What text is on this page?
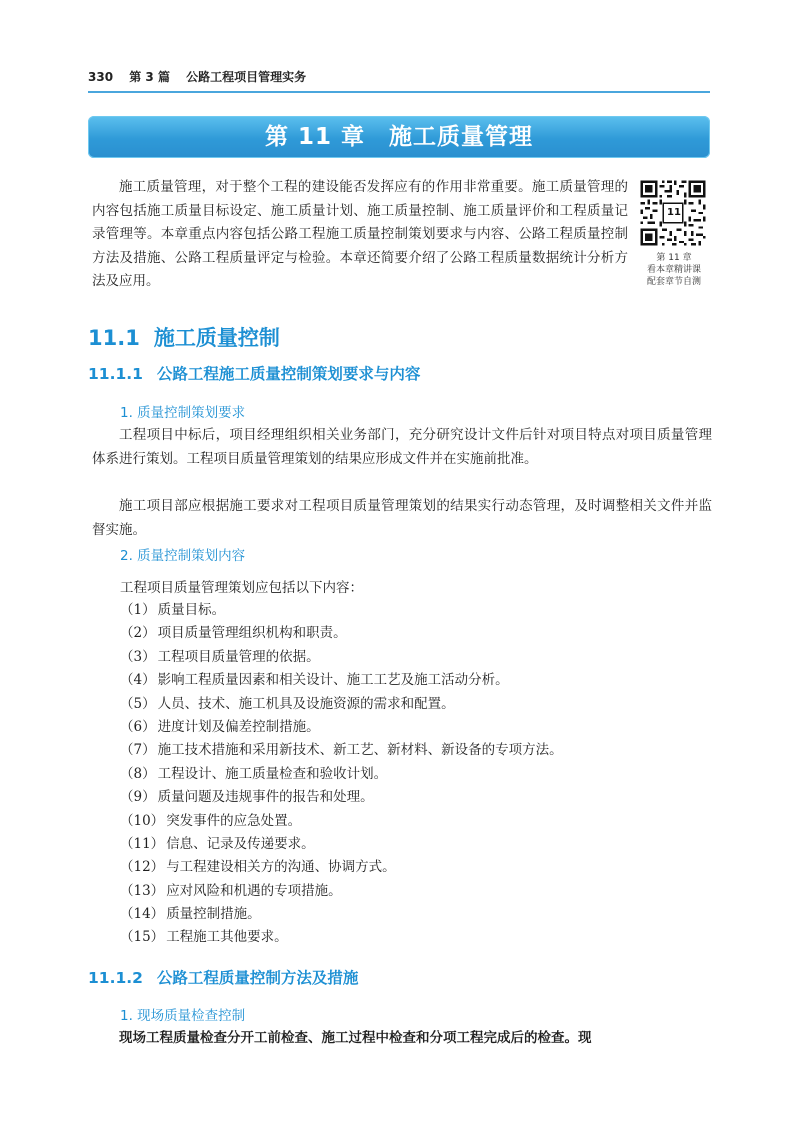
330 第 3 篇 公路工程项目管理实务
第 11 章　施工质量管理
施工质量管理，对于整个工程的建设能否发挥应有的作用非常重要。施工质量管理的内容包括施工质量目标设定、施工质量计划、施工质量控制、施工质量评价和工程质量记录管理等。本章重点内容包括公路工程施工质量控制策划要求与内容、公路工程质量控制方法及措施、公路工程质量评定与检验。本章还简要介绍了公路工程质量数据统计分析方法及应用。
第 11 章
看本章精讲课
配套章节自测
11
11.1 施工质量控制
11.1.1 公路工程施工质量控制策划要求与内容
1. 质量控制策划要求
工程项目中标后，项目经理组织相关业务部门，充分研究设计文件后针对项目特点对项目质量管理体系进行策划。工程项目质量管理策划的结果应形成文件并在实施前批准。
施工项目部应根据施工要求对工程项目质量管理策划的结果实行动态管理，及时调整相关文件并监督实施。
2. 质量控制策划内容
工程项目质量管理策划应包括以下内容：
（1） 质量目标。
（2） 项目质量管理组织机构和职责。
（3） 工程项目质量管理的依据。
（4） 影响工程质量因素和相关设计、施工工艺及施工活动分析。
（5） 人员、技术、施工机具及设施资源的需求和配置。
（6） 进度计划及偏差控制措施。
（7） 施工技术措施和采用新技术、新工艺、新材料、新设备的专项方法。
（8） 工程设计、施工质量检查和验收计划。
（9） 质量问题及违规事件的报告和处理。
（10） 突发事件的应急处置。
（11） 信息、记录及传递要求。
（12） 与工程建设相关方的沟通、协调方式。
（13） 应对风险和机遇的专项措施。
（14） 质量控制措施。
（15） 工程施工其他要求。
11.1.2 公路工程质量控制方法及措施
1. 现场质量检查控制
现场工程质量检查分开工前检查、施工过程中检查和分项工程完成后的检查。现
